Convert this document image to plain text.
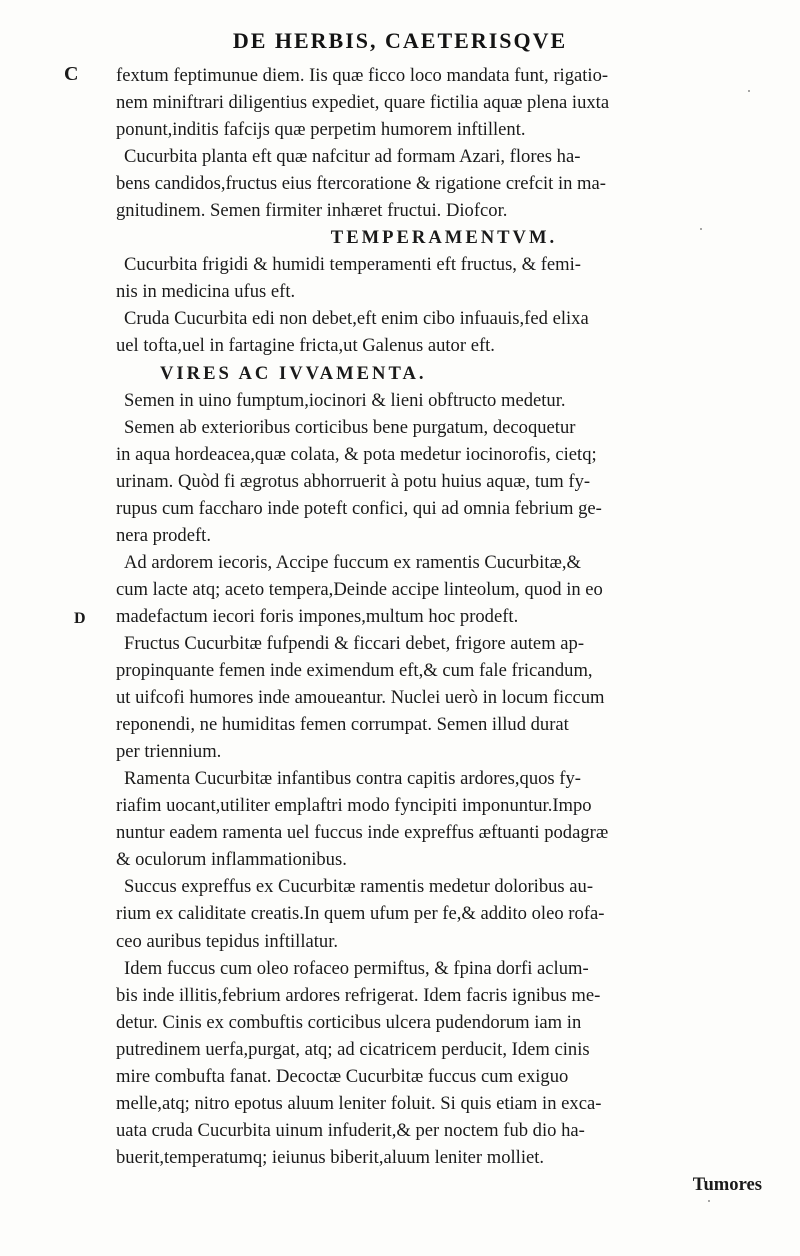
DE HERBIS, CAETERISQVE
C
D
fextum feptimunue diem. Iis quæ ficco loco mandata funt, rigatio-
nem miniftrari diligentius expediet, quare fictilia aquæ plena iuxta
ponunt,inditis fafcijs quæ perpetim humorem inftillent.
Cucurbita planta eft quæ nafcitur ad formam Azari, flores ha-
bens candidos,fructus eius ftercoratione & rigatione crefcit in ma-
gnitudinem. Semen firmiter inhæret fructui. Diofcor.
TEMPERAMENTVM.
Cucurbita frigidi & humidi temperamenti eft fructus, & femi-
nis in medicina ufus eft.
Cruda Cucurbita edi non debet,eft enim cibo infuauis,fed elixa
uel tofta,uel in fartagine fricta,ut Galenus autor eft.
VIRES AC IVVAMENTA.
Semen in uino fumptum,iocinori & lieni obftructo medetur.
Semen ab exterioribus corticibus bene purgatum, decoquetur
in aqua hordeacea,quæ colata, & pota medetur iocinorofis, cietq;
urinam. Quòd fi ægrotus abhorruerit à potu huius aquæ, tum fy-
rupus cum faccharo inde poteft confici, qui ad omnia febrium ge-
nera prodeft.
Ad ardorem iecoris, Accipe fuccum ex ramentis Cucurbitæ,&
cum lacte atq; aceto tempera,Deinde accipe linteolum, quod in eo
madefactum iecori foris impones,multum hoc prodeft.
Fructus Cucurbitæ fufpendi & ficcari debet, frigore autem ap-
propinquante femen inde eximendum eft,& cum fale fricandum,
ut uifcofi humores inde amoueantur. Nuclei uerò in locum ficcum
reponendi, ne humiditas femen corrumpat. Semen illud durat
per triennium.
Ramenta Cucurbitæ infantibus contra capitis ardores,quos fy-
riafim uocant,utiliter emplaftri modo fyncipiti imponuntur.Impo
nuntur eadem ramenta uel fuccus inde expreffus æftuanti podagræ
& oculorum inflammationibus.
Succus expreffus ex Cucurbitæ ramentis medetur doloribus au-
rium ex caliditate creatis.In quem ufum per fe,& addito oleo rofa-
ceo auribus tepidus inftillatur.
Idem fuccus cum oleo rofaceo permiftus, & fpina dorfi aclum-
bis inde illitis,febrium ardores refrigerat. Idem facris ignibus me-
detur. Cinis ex combuftis corticibus ulcera pudendorum iam in
putredinem uerfa,purgat, atq; ad cicatricem perducit, Idem cinis
mire combufta fanat. Decoctæ Cucurbitæ fuccus cum exiguo
melle,atq; nitro epotus aluum leniter foluit. Si quis etiam in exca-
uata cruda Cucurbita uinum infuderit,& per noctem fub dio ha-
buerit,temperatumq; ieiunus biberit,aluum leniter molliet.
Tumores
